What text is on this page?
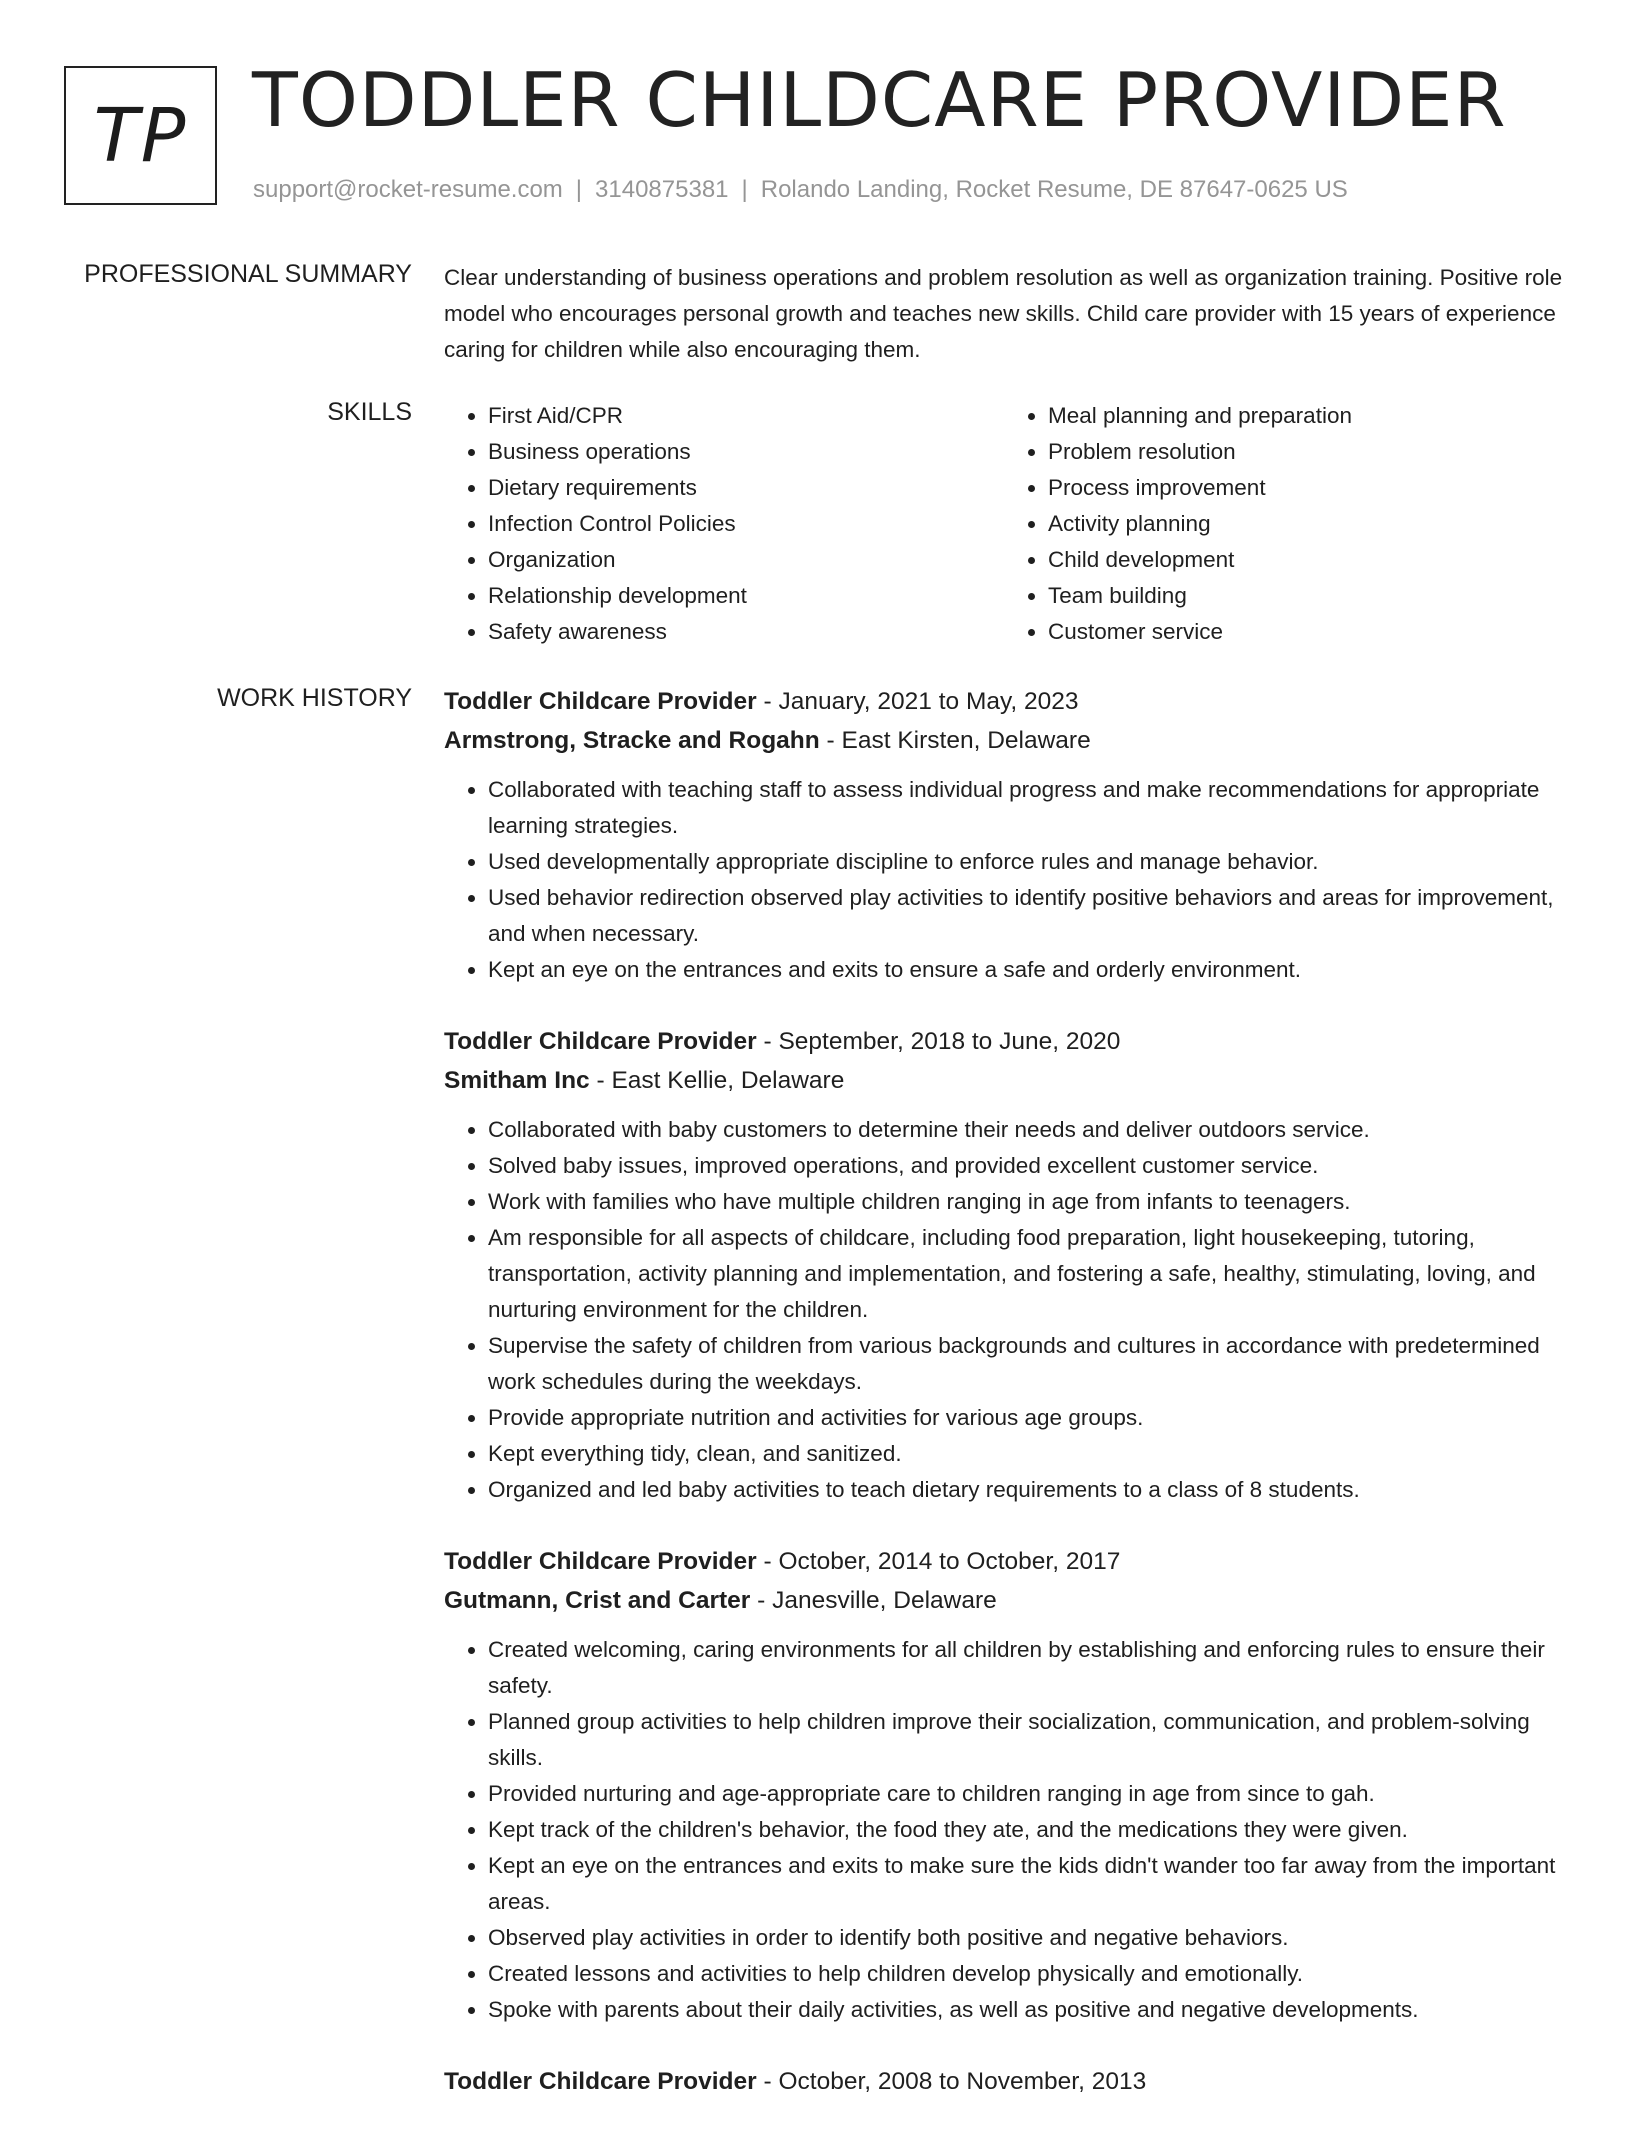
TP TODDLER CHILDCARE PROVIDER
support@rocket-resume.com | 3140875381 | Rolando Landing, Rocket Resume, DE 87647-0625 US
PROFESSIONAL SUMMARY Clear understanding of business operations and problem resolution as well as organization training. Positive role model who encourages personal growth and teaches new skills. Child care provider with 15 years of experience caring for children while also encouraging them.

SKILLS
•	First Aid/CPR
• Business operations
• Dietary requirements
• Infection Control Policies
• Organization
• Relationship development
• Safety awareness
• Meal planning and preparation
• Problem resolution
• Process improvement
• Activity planning
• Child development
• Team building
• Customer service
WORK HISTORY Toddler Childcare Provider - January, 2021 to May, 2023
Armstrong, Stracke and Rogahn - East Kirsten, Delaware
• Collaborated with teaching staff to assess individual progress and make recommendations for appropriate learning strategies.
• Used developmentally appropriate discipline to enforce rules and manage behavior.
• Used behavior redirection observed play activities to identify positive behaviors and areas for improvement, and when necessary.
• Kept an eye on the entrances and exits to ensure a safe and orderly environment.
Toddler Childcare Provider - September, 2018 to June, 2020
Smitham Inc - East Kellie, Delaware
• Collaborated with baby customers to determine their needs and deliver outdoors service.
• Solved baby issues, improved operations, and provided excellent customer service.
• Work with families who have multiple children ranging in age from infants to teenagers.
• Am responsible for all aspects of childcare, including food preparation, light housekeeping, tutoring, transportation, activity planning and implementation, and fostering a safe, healthy, stimulating, loving, and nurturing environment for the children.
• Supervise the safety of children from various backgrounds and cultures in accordance with predetermined work schedules during the weekdays.
• Provide appropriate nutrition and activities for various age groups.
• Kept everything tidy, clean, and sanitized.
• Organized and led baby activities to teach dietary requirements to a class of 8 students.
Toddler Childcare Provider - October, 2014 to October, 2017
Gutmann, Crist and Carter - Janesville, Delaware
• Created welcoming, caring environments for all children by establishing and enforcing rules to ensure their safety.
• Planned group activities to help children improve their socialization, communication, and problem-solving skills.
• Provided nurturing and age-appropriate care to children ranging in age from since to gah.
• Kept track of the children's behavior, the food they ate, and the medications they were given.
• Kept an eye on the entrances and exits to make sure the kids didn't wander too far away from the important areas.
• Observed play activities in order to identify both positive and negative behaviors.
• Created lessons and activities to help children develop physically and emotionally.
• Spoke with parents about their daily activities, as well as positive and negative developments.
Toddler Childcare Provider - October, 2008 to November, 2013
